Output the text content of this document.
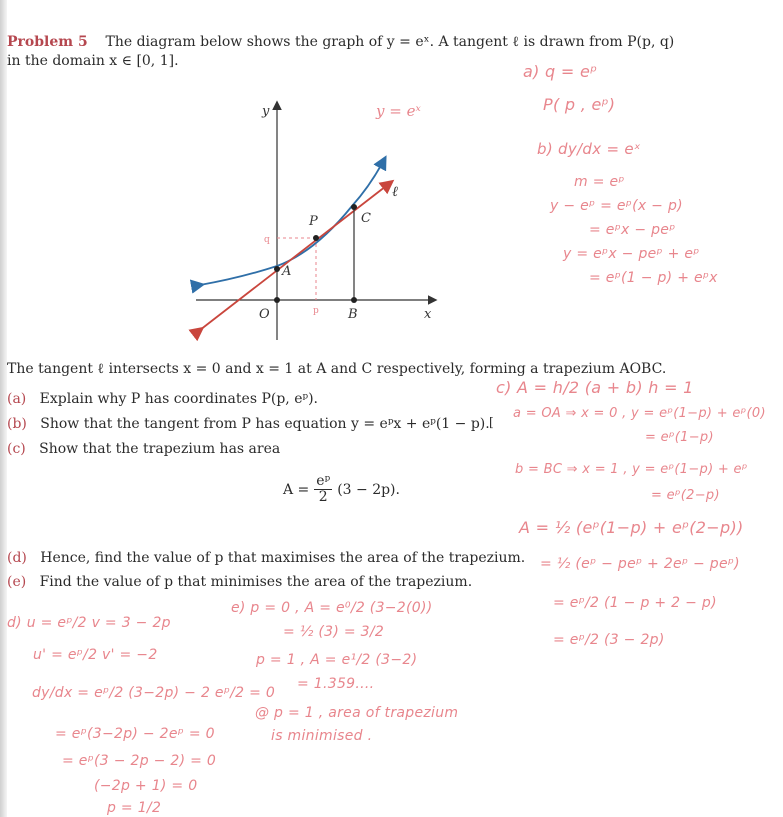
Problem 5 The diagram below shows the graph of y = eˣ. A tangent ℓ is drawn from P(p, q)
in the domain x ∈ [0, 1].
y
x
O
P
A
B
C
ℓ
q
p
y = eˣ
The tangent ℓ intersects x = 0 and x = 1 at A and C respectively, forming a trapezium AOBC.
(a) Explain why P has coordinates P(p, eᵖ).
(b) Show that the tangent from P has equation y = eᵖx + eᵖ(1 − p). [
(c) Show that the trapezium has area
$A = \frac{\text{eᵖ}}{2} (3 - 2p)$.
(d) Hence, find the value of p that maximises the area of the trapezium.
(e) Find the value of p that minimises the area of the trapezium.
a) q = eᵖ
P( p , eᵖ)
b) dy/dx = eˣ
m = eᵖ
y − eᵖ = eᵖ(x − p)
= eᵖx − peᵖ
y = eᵖx − peᵖ + eᵖ
= eᵖ(1 − p) + eᵖx
c) A = h/2 (a + b) h = 1
a = OA ⇒ x = 0 , y = eᵖ(1−p) + eᵖ(0)
= eᵖ(1−p)
b = BC ⇒ x = 1 , y = eᵖ(1−p) + eᵖ
= eᵖ(2−p)
A = ½ (eᵖ(1−p) + eᵖ(2−p))
= ½ (eᵖ − peᵖ + 2eᵖ − peᵖ)
= eᵖ/2 (1 − p + 2 − p)
= eᵖ/2 (3 − 2p)
d) u = eᵖ/2 v = 3 − 2p
u' = eᵖ/2 v' = −2
dy/dx = eᵖ/2 (3−2p) − 2 eᵖ/2 = 0
= eᵖ(3−2p) − 2eᵖ = 0
= eᵖ(3 − 2p − 2) = 0
(−2p + 1) = 0
p = 1/2
e) p = 0 , A = e⁰/2 (3−2(0))
= ½ (3) = 3/2
p = 1 , A = e¹/2 (3−2)
= 1.359....
@ p = 1 , area of trapezium
is minimised .
